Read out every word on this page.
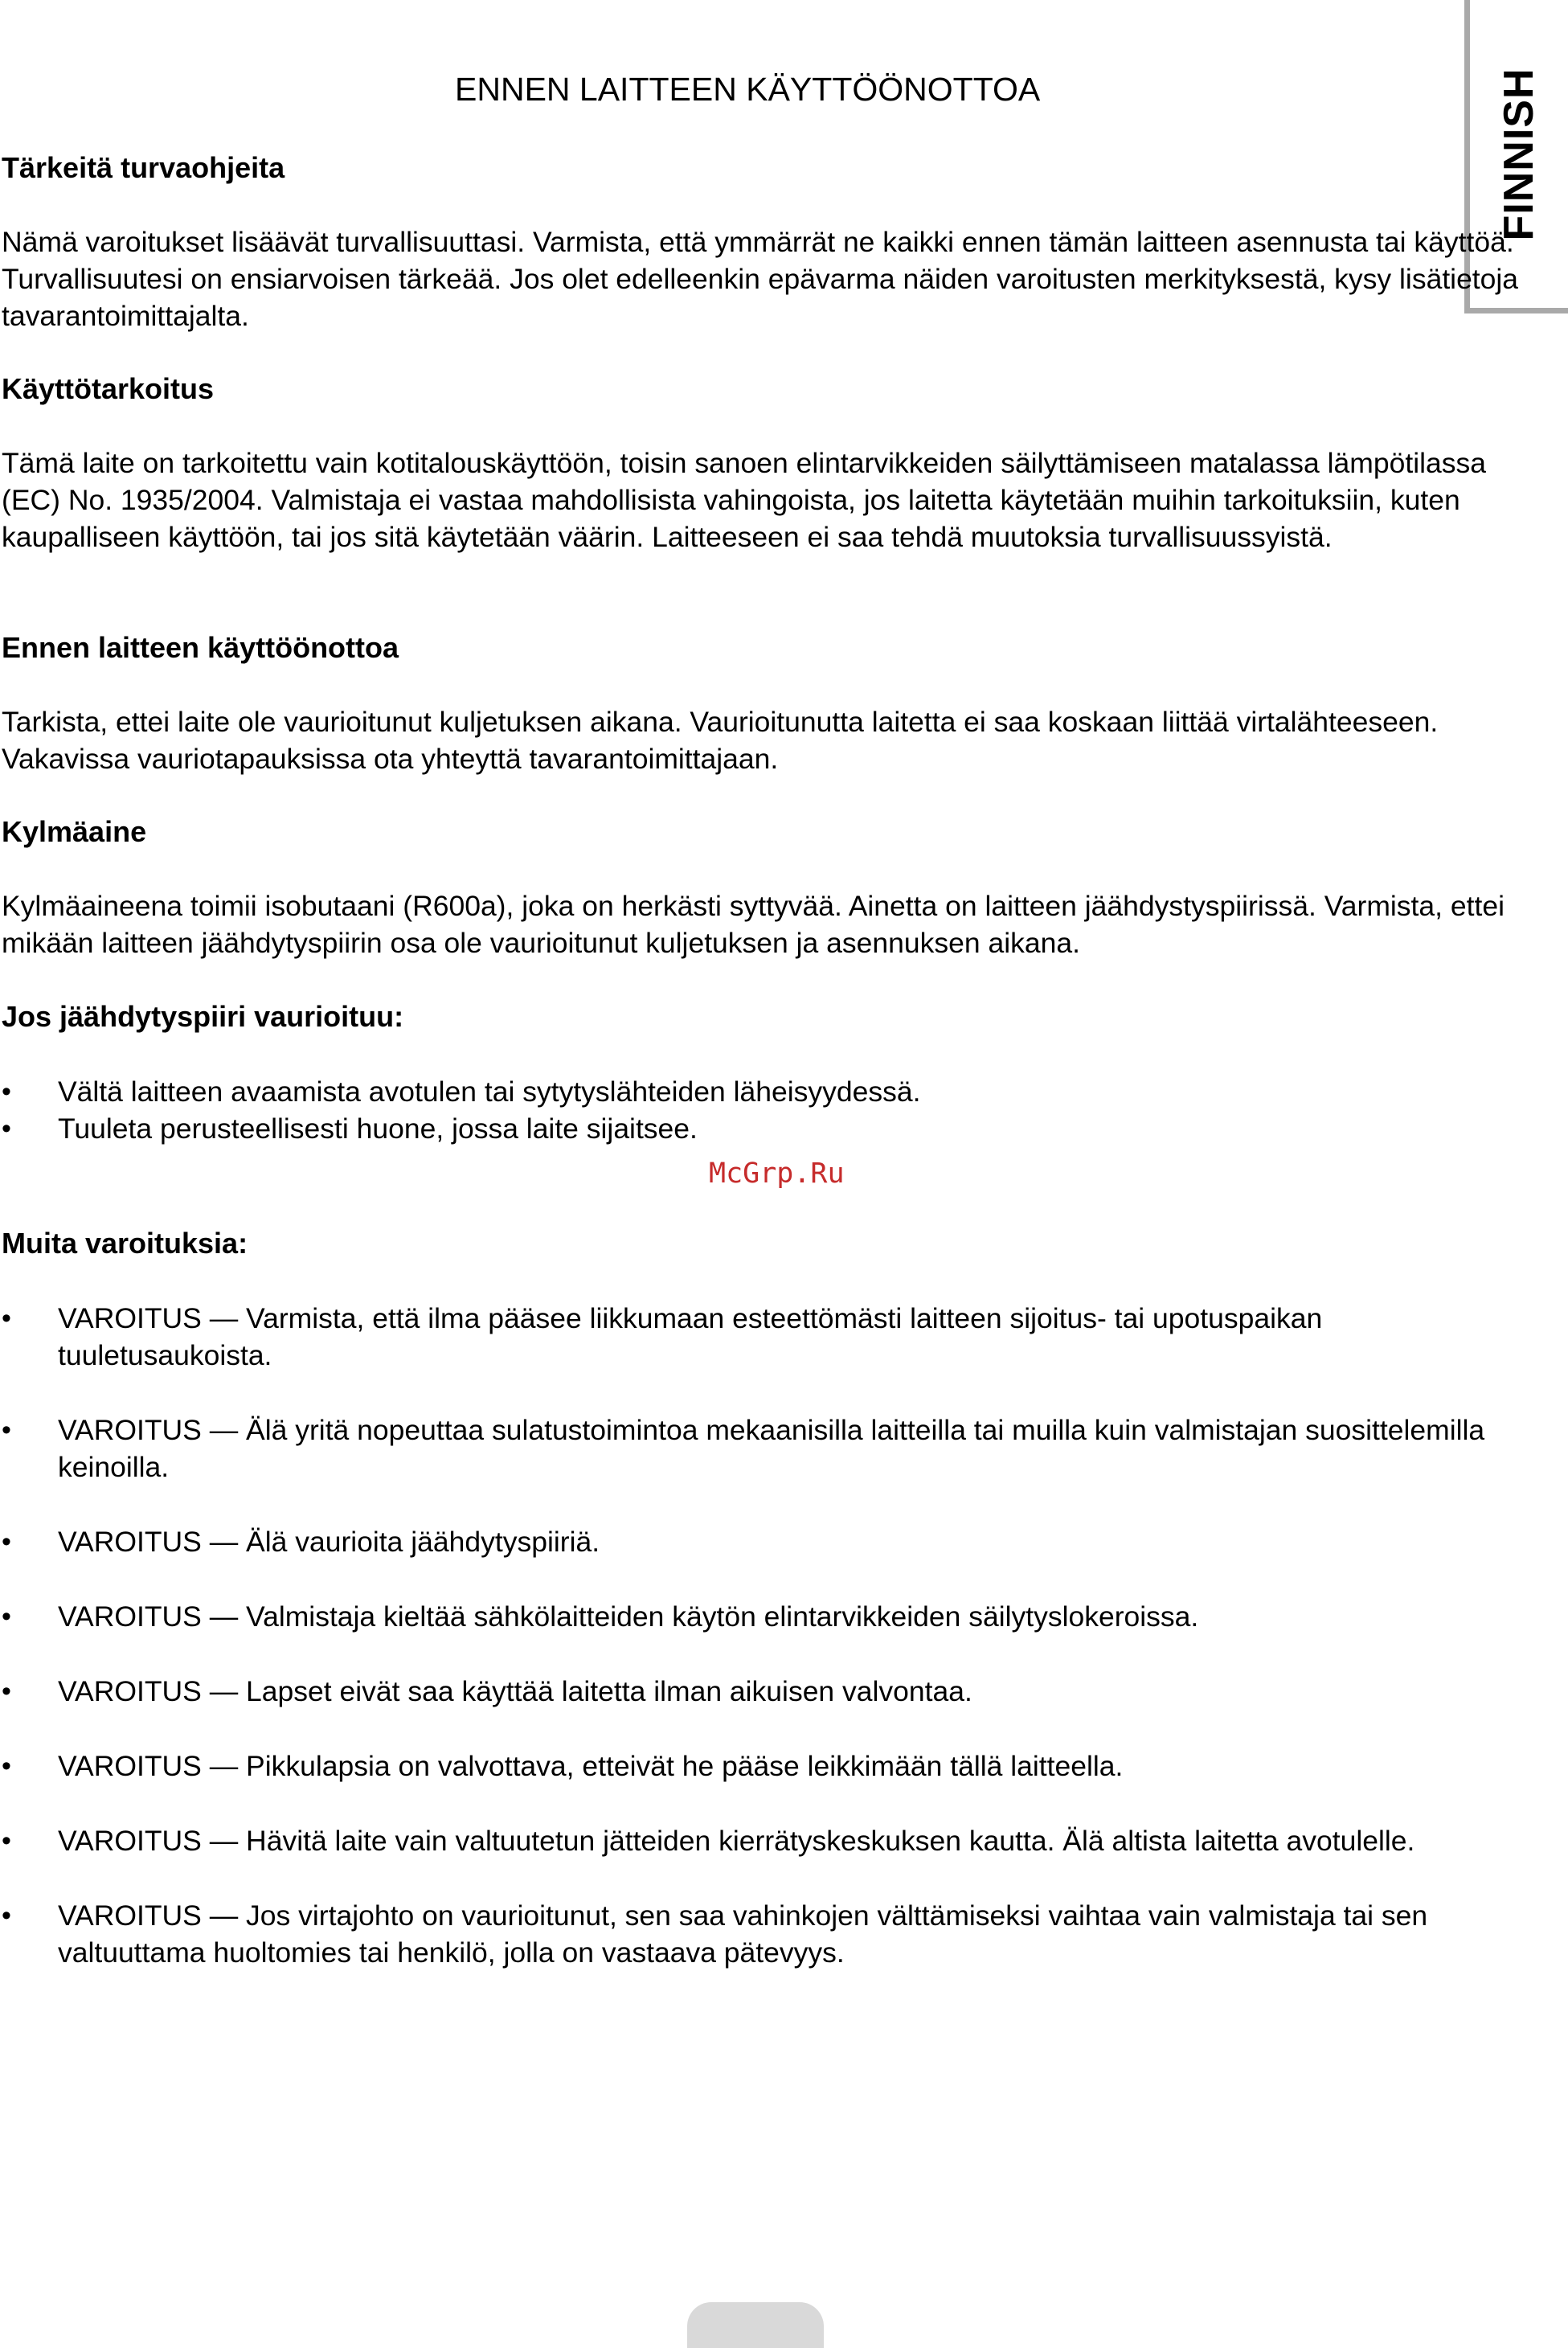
FINNISH
ENNEN LAITTEEN KÄYTTÖÖNOTTOA
Tärkeitä turvaohjeita

Nämä varoitukset lisäävät turvallisuuttasi. Varmista, että ymmärrät ne kaikki ennen tämän laitteen asennusta tai käyttöä. Turvallisuutesi on ensiarvoisen tärkeää. Jos olet edelleenkin epävarma näiden varoitusten merkityksestä, kysy lisätietoja tavarantoimittajalta.

Käyttötarkoitus

Tämä laite on tarkoitettu vain kotitalouskäyttöön, toisin sanoen elintarvikkeiden säilyttämiseen matalassa lämpötilassa (EC) No. 1935/2004. Valmistaja ei vastaa mahdollisista vahingoista, jos laitetta käytetään muihin tarkoituksiin, kuten kaupalliseen käyttöön, tai jos sitä käytetään väärin. Laitteeseen ei saa tehdä muutoksia turvallisuussyistä.

Ennen laitteen käyttöönottoa

Tarkista, ettei laite ole vaurioitunut kuljetuksen aikana. Vaurioitunutta laitetta ei saa koskaan liittää virtalähteeseen. Vakavissa vauriotapauksissa ota yhteyttä tavarantoimittajaan.

Kylmäaine

Kylmäaineena toimii isobutaani (R600a), joka on herkästi syttyvää. Ainetta on laitteen jäähdystyspiirissä. Varmista, ettei mikään laitteen jäähdytyspiirin osa ole vaurioitunut kuljetuksen ja asennuksen aikana.

Jos jäähdytyspiiri vaurioituu:
•	Vältä laitteen avaamista avotulen tai sytytyslähteiden läheisyydessä.
•	Tuuleta perusteellisesti huone, jossa laite sijaitsee.
McGrp.Ru
Muita varoituksia:
•	VAROITUS — Varmista, että ilma pääsee liikkumaan esteettömästi laitteen sijoitus- tai upotuspaikan tuuletusaukoista.
•	VAROITUS — Älä yritä nopeuttaa sulatustoimintoa mekaanisilla laitteilla tai muilla kuin valmistajan suosittelemilla keinoilla.
•	VAROITUS — Älä vaurioita jäähdytyspiiriä.
•	VAROITUS — Valmistaja kieltää sähkölaitteiden käytön elintarvikkeiden säilytyslokeroissa.
•	VAROITUS — Lapset eivät saa käyttää laitetta ilman aikuisen valvontaa.
•	VAROITUS — Pikkulapsia on valvottava, etteivät he pääse leikkimään tällä laitteella.
•	VAROITUS — Hävitä laite vain valtuutetun jätteiden kierrätyskeskuksen kautta. Älä altista laitetta avotulelle.
•	VAROITUS — Jos virtajohto on vaurioitunut, sen saa vahinkojen välttämiseksi vaihtaa vain valmistaja tai sen valtuuttama huoltomies tai henkilö, jolla on vastaava pätevyys.
